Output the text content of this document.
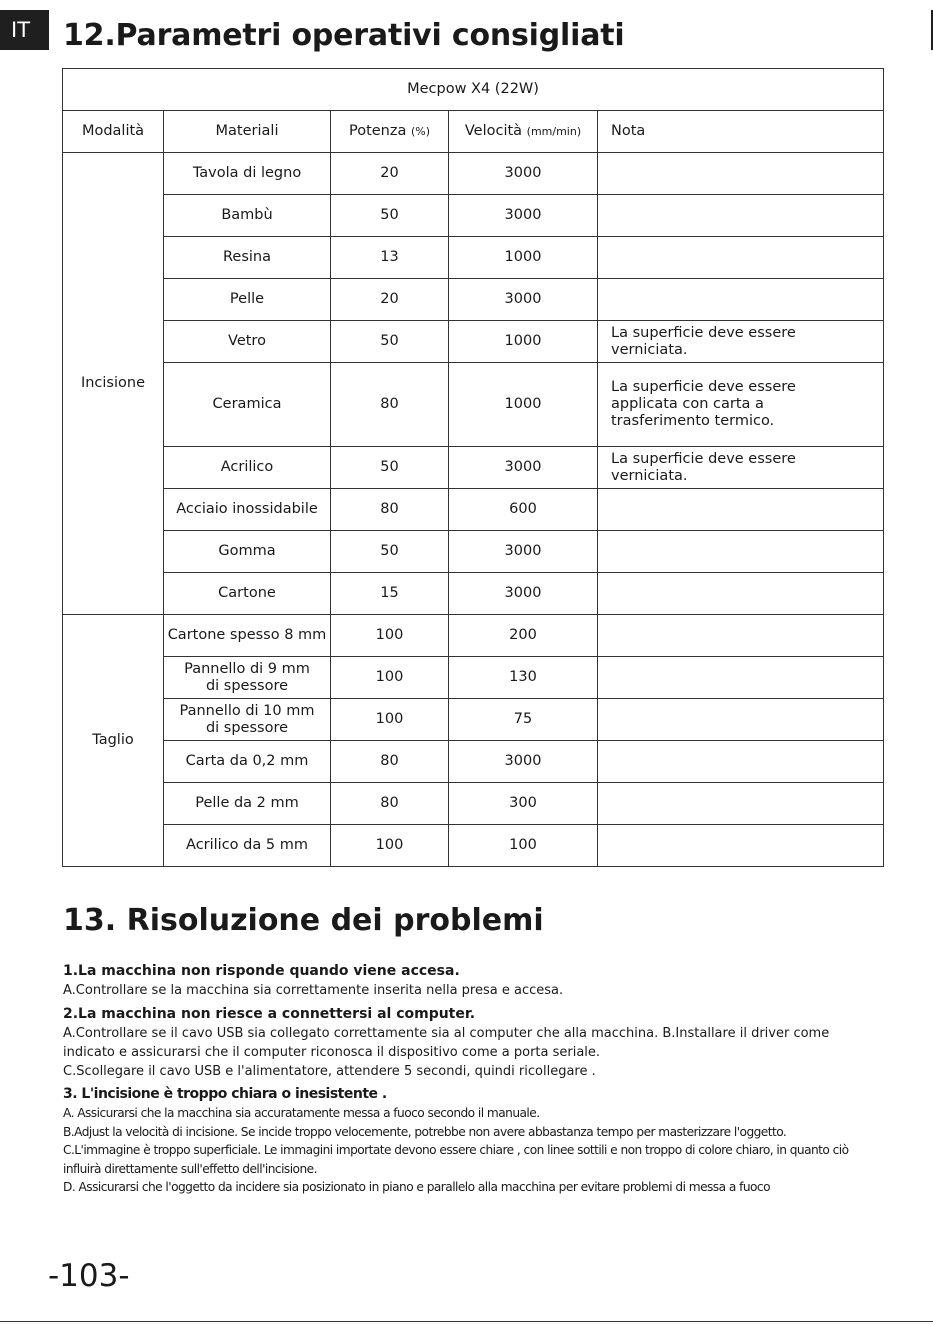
IT	12.Parametri operativi consigliati
Mecpow X4 (22W)				
Modalità	Materiali	Potenza (%)	Velocità (mm/min)	Nota
Incisione	Tavola di legno	20	3000	
	Bambù	50	3000	
	Resina	13	1000	
	Pelle	20	3000	
	Vetro	50	1000	La superficie deve essere
verniciata.
	Ceramica	80	1000	La superficie deve essere
applicata con carta a
trasferimento termico.
	Acrilico	50	3000	La superficie deve essere
verniciata.
	Acciaio inossidabile	80	600	
	Gomma	50	3000	
	Cartone	15	3000	
Taglio	Cartone spesso 8 mm	100	200	
	Pannello di 9 mm
di spessore	100	130	
	Pannello di 10 mm
di spessore	100	75	
	Carta da 0,2 mm	80	3000	
	Pelle da 2 mm	80	300	
	Acrilico da 5 mm	100	100	
13. Risoluzione dei problemi
1.La macchina non risponde quando viene accesa.
A.Controllare se la macchina sia correttamente inserita nella presa e accesa.
2.La macchina non riesce a connettersi al computer.
A.Controllare se il cavo USB sia collegato correttamente sia al computer che alla macchina. B.Installare il driver come indicato e assicurarsi che il computer riconosca il dispositivo come a porta seriale.
C.Scollegare il cavo USB e l'alimentatore, attendere 5 secondi, quindi ricollegare .
3. L'incisione è troppo chiara o inesistente .
A. Assicurarsi che la macchina sia accuratamente messa a fuoco secondo il manuale.
B.Adjust la velocità di incisione. Se incide troppo velocemente, potrebbe non avere abbastanza tempo per masterizzare l'oggetto.
C.L'immagine è troppo superficiale. Le immagini importate devono essere chiare , con linee sottili e non troppo di colore chiaro, in quanto ciò influirà direttamente sull'effetto dell'incisione.
D. Assicurarsi che l'oggetto da incidere sia posizionato in piano e parallelo alla macchina per evitare problemi di messa a fuoco
-103-
